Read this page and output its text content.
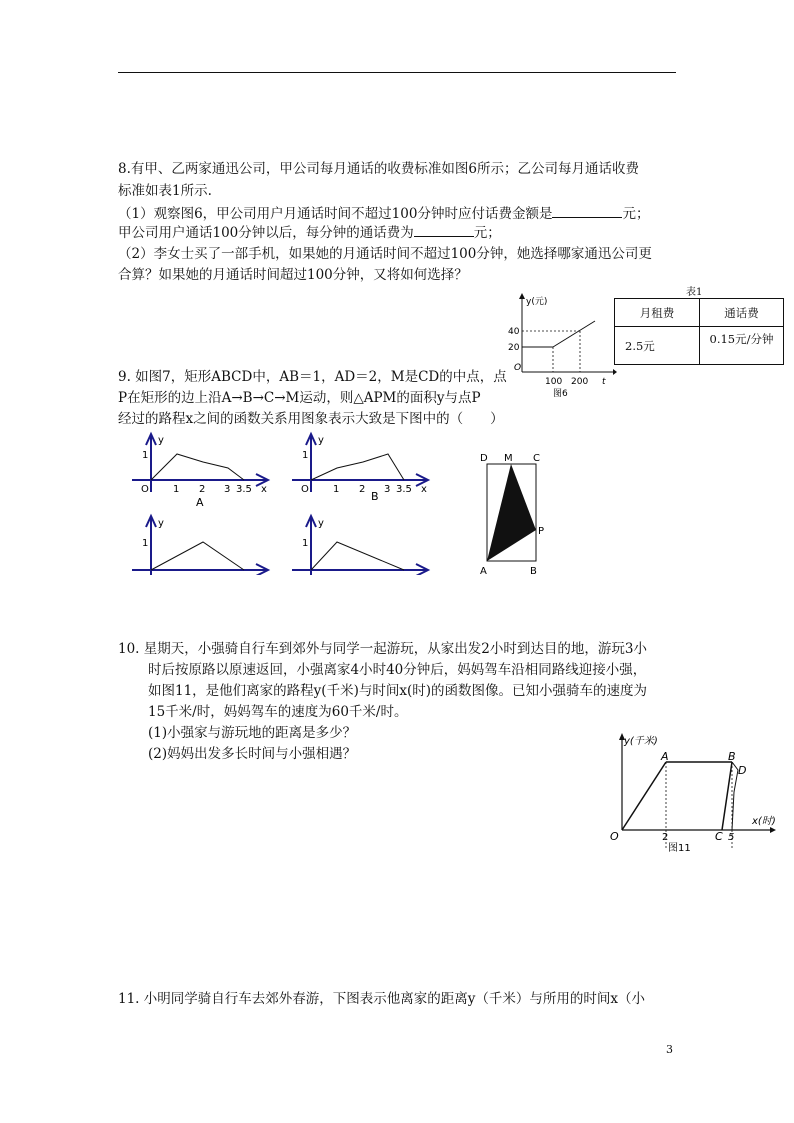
8.有甲、乙两家通迅公司，甲公司每月通话的收费标准如图6所示；乙公司每月通话收费
标准如表1所示.
（1）观察图6，甲公司用户月通话时间不超过100分钟时应付话费金额是	元；
甲公司用户通话100分钟以后，每分钟的通话费为	元；
（2）李女士买了一部手机，如果她的月通话时间不超过100分钟，她选择哪家通迅公司更
合算？如果她的月通话时间超过100分钟，又将如何选择？
y(元)
40
20
O
100 200 t
图6
表1
月租费	通话费
2.5元	0.15元/分钟
9. 如图7，矩形ABCD中，AB＝1，AD＝2，M是CD的中点，点
P在矩形的边上沿A→B→C→M运动，则△APM的面积y与点P
经过的路程x之间的函数关系用图象表示大致是下图中的（　　）
y
1
O 1 2 3 3.5 x
A
y
1
O 1 2 3 3.5 x
B
y
1
y
1
D M C
P
A	B
10. 星期天，小强骑自行车到郊外与同学一起游玩，从家出发2小时到达目的地，游玩3小
时后按原路以原速返回，小强离家4小时40分钟后，妈妈驾车沿相同路线迎接小强，
如图11，是他们离家的路程y(千米)与时间x(时)的函数图像。已知小强骑车的速度为
15千米/时，妈妈驾车的速度为60千米/时。
(1)小强家与游玩地的距离是多少？
(2)妈妈出发多长时间与小强相遇？
y(千米)
x(时)
A	B
D
C
O	2	5
图11
11. 小明同学骑自行车去郊外春游，下图表示他离家的距离y（千米）与所用的时间x（小
3
